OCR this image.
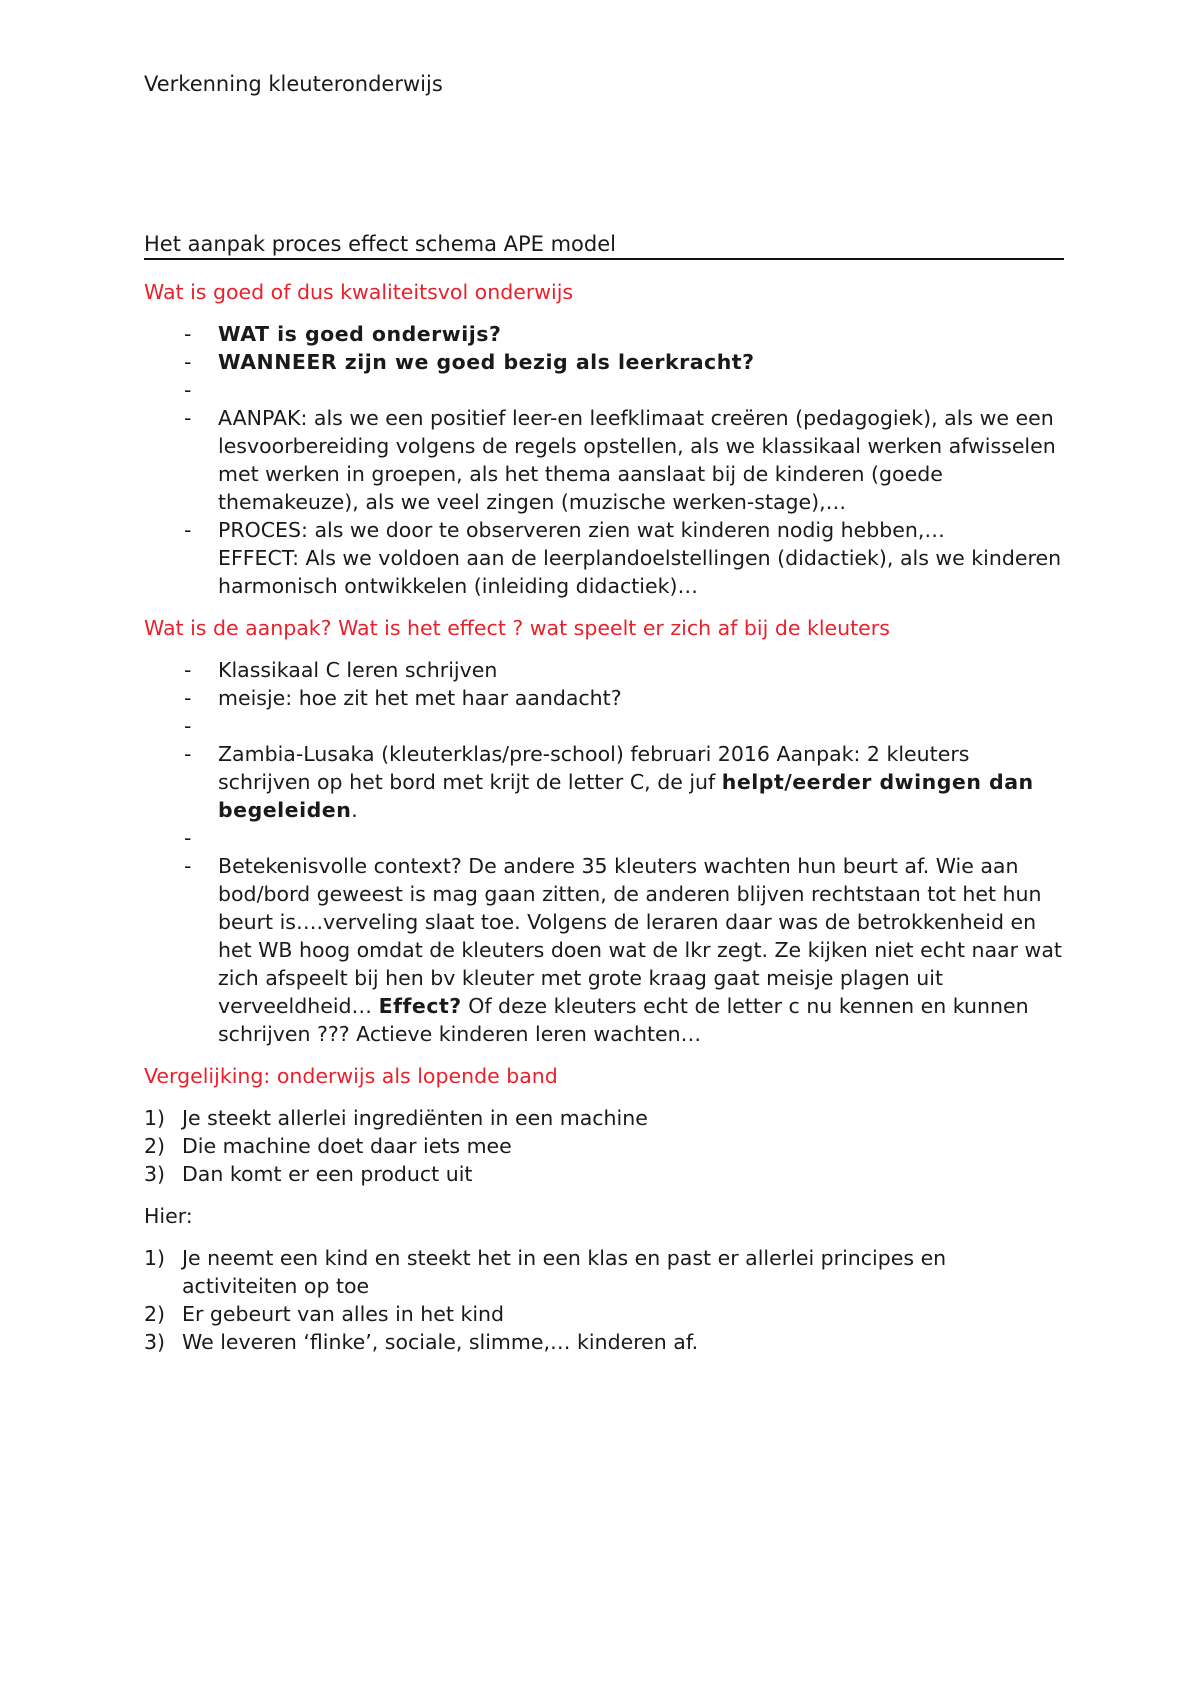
Verkenning kleuteronderwijs
Het aanpak proces effect schema APE model

Wat is goed of dus kwaliteitsvol onderwijs

- WAT is goed onderwijs?
- WANNEER zijn we goed bezig als leerkracht?
-
- AANPAK: als we een positief leer-en leefklimaat creëren (pedagogiek), als we een lesvoorbereiding volgens de regels opstellen, als we klassikaal werken afwisselen met werken in groepen, als het thema aanslaat bij de kinderen (goede themakeuze), als we veel zingen (muzische werken-stage),…
- PROCES: als we door te observeren zien wat kinderen nodig hebben,…
EFFECT: Als we voldoen aan de leerplandoelstellingen (didactiek), als we kinderen harmonisch ontwikkelen (inleiding didactiek)…

Wat is de aanpak? Wat is het effect ? wat speelt er zich af bij de kleuters

- Klassikaal C leren schrijven
- meisje: hoe zit het met haar aandacht?
-
- Zambia-Lusaka (kleuterklas/pre-school) februari 2016 Aanpak: 2 kleuters schrijven op het bord met krijt de letter C, de juf helpt/eerder dwingen dan begeleiden.
-
- Betekenisvolle context? De andere 35 kleuters wachten hun beurt af. Wie aan bod/bord geweest is mag gaan zitten, de anderen blijven rechtstaan tot het hun beurt is….verveling slaat toe. Volgens de leraren daar was de betrokkenheid en het WB hoog omdat de kleuters doen wat de lkr zegt. Ze kijken niet echt naar wat zich afspeelt bij hen bv kleuter met grote kraag gaat meisje plagen uit verveeldheid… Effect? Of deze kleuters echt de letter c nu kennen en kunnen schrijven ??? Actieve kinderen leren wachten…

Vergelijking: onderwijs als lopende band

1) Je steekt allerlei ingrediënten in een machine
2) Die machine doet daar iets mee
3) Dan komt er een product uit

Hier:

1) Je neemt een kind en steekt het in een klas en past er allerlei principes en activiteiten op toe
2) Er gebeurt van alles in het kind
3) We leveren ‘flinke’, sociale, slimme,… kinderen af.
